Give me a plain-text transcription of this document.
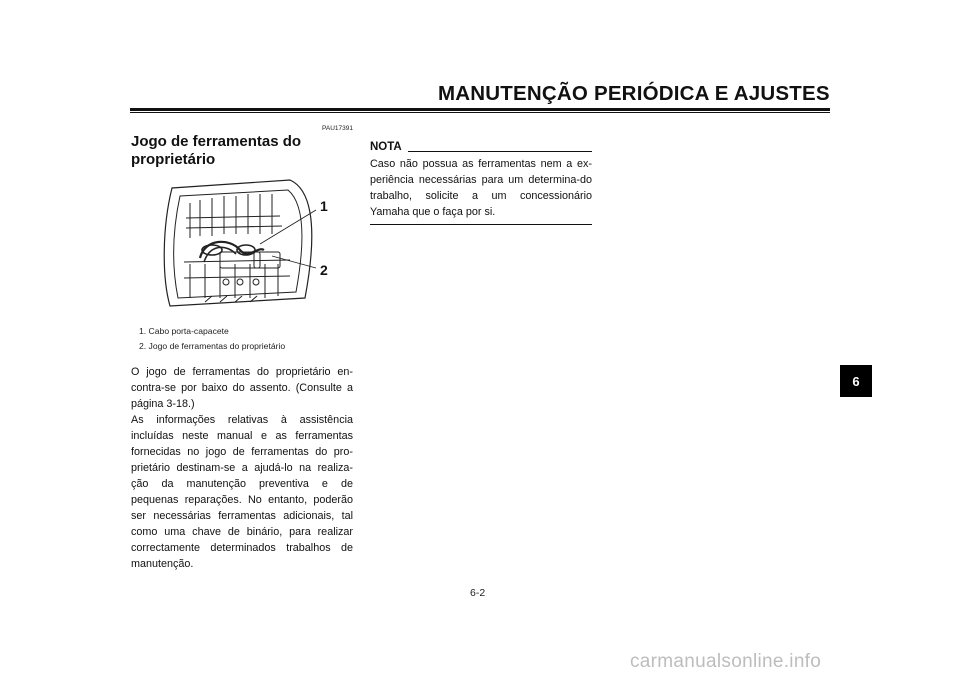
MANUTENÇÃO PERIÓDICA E AJUSTES
PAU17391
Jogo de ferramentas do proprietário
1
2
1. Cabo porta-capacete
2. Jogo de ferramentas do proprietário

O jogo de ferramentas do proprietário en-contra-se por baixo do assento. (Consulte a página 3-18.)

As informações relativas à assistência incluídas neste manual e as ferramentas fornecidas no jogo de ferramentas do pro-prietário destinam-se a ajudá-lo na realiza-ção da manutenção preventiva e de pequenas reparações. No entanto, poderão ser necessárias ferramentas adicionais, tal como uma chave de binário, para realizar correctamente determinados trabalhos de manutenção.

NOTA
Caso não possua as ferramentas nem a ex-periência necessárias para um determina-do trabalho, solicite a um concessionário Yamaha que o faça por si.
6
6-2
carmanualsonline.info
